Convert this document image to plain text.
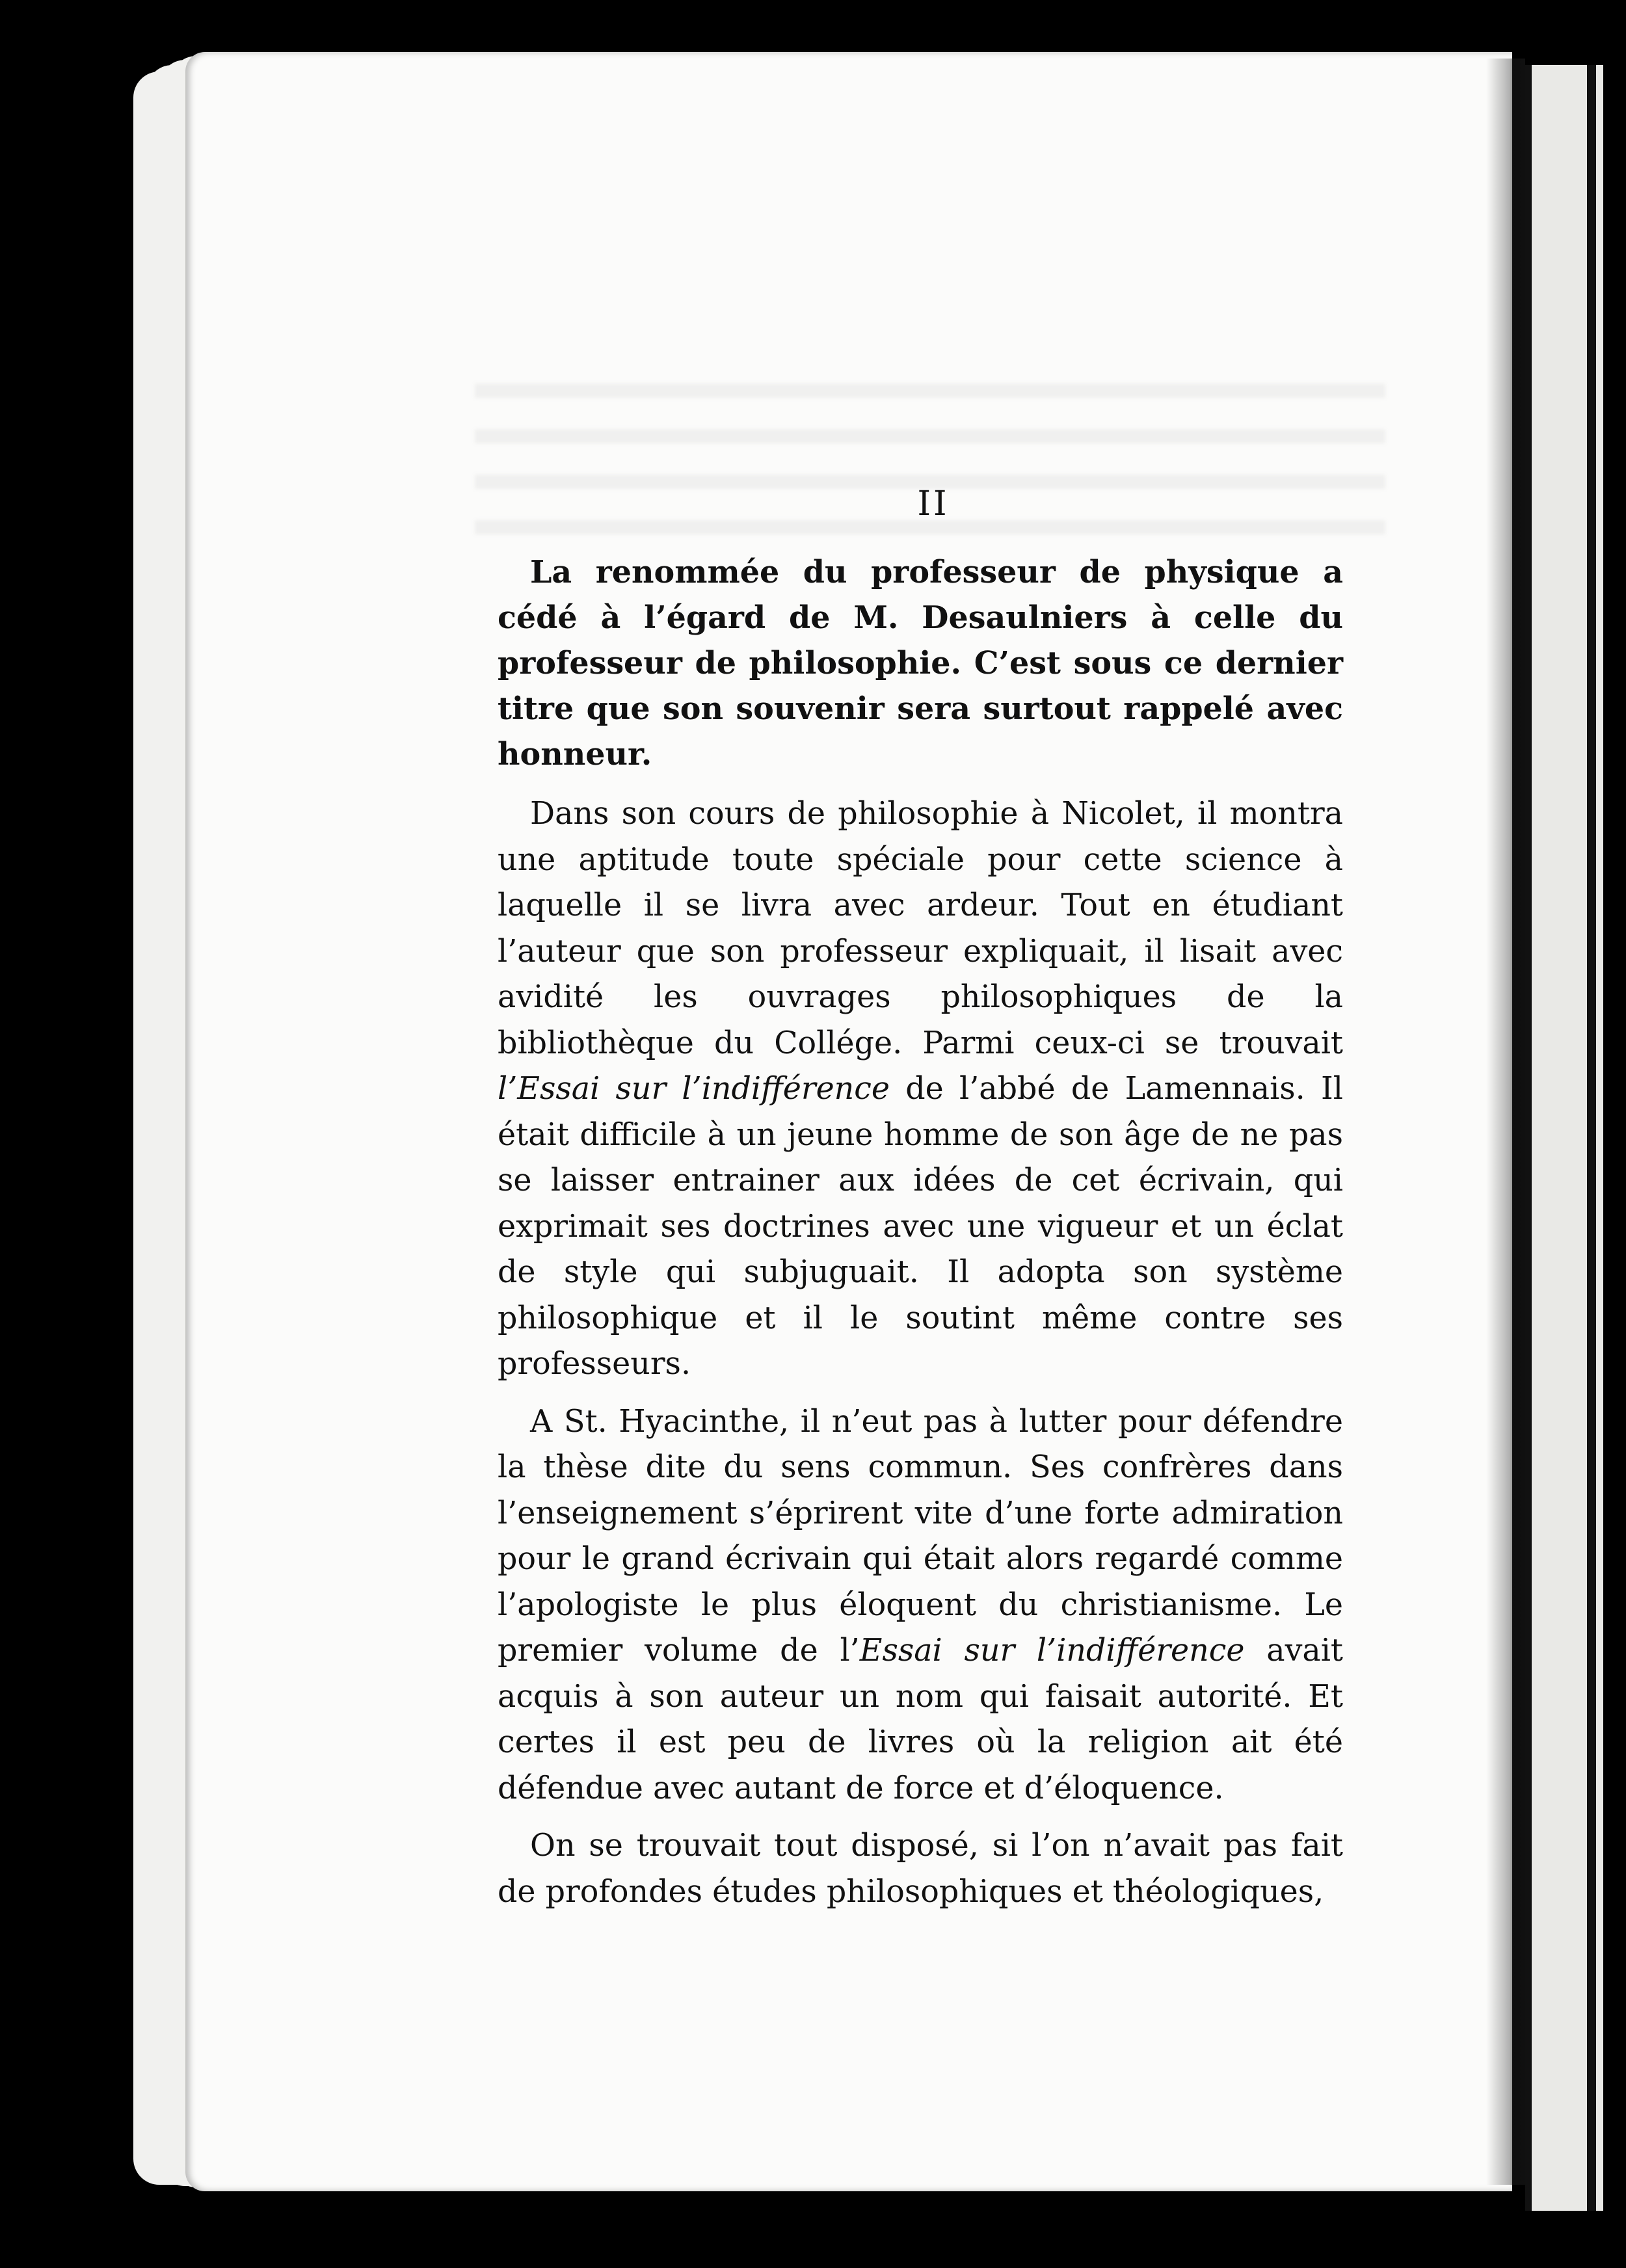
II

La renommée du professeur de physique a cédé à l’égard de M. Desaulniers à celle du professeur de philosophie. C’est sous ce dernier titre que son souvenir sera surtout rappelé avec honneur.

Dans son cours de philosophie à Nicolet, il montra une aptitude toute spéciale pour cette science à laquelle il se livra avec ardeur. Tout en étudiant l’auteur que son professeur expliquait, il lisait avec avidité les ouvrages philosophiques de la bibliothèque du Collége. Parmi ceux-ci se trouvait l’Essai sur l’indifférence de l’abbé de Lamennais. Il était difficile à un jeune homme de son âge de ne pas se laisser entrainer aux idées de cet écrivain, qui exprimait ses doctrines avec une vigueur et un éclat de style qui subjuguait. Il adopta son système philosophique et il le soutint même contre ses professeurs.

A St. Hyacinthe, il n’eut pas à lutter pour défendre la thèse dite du sens commun. Ses confrères dans l’enseignement s’éprirent vite d’une forte admiration pour le grand écrivain qui était alors regardé comme l’apologiste le plus éloquent du christianisme. Le premier volume de l’Essai sur l’indifférence avait acquis à son auteur un nom qui faisait autorité. Et certes il est peu de livres où la religion ait été défendue avec autant de force et d’éloquence.

On se trouvait tout disposé, si l’on n’avait pas fait de profondes études philosophiques et théologiques,
